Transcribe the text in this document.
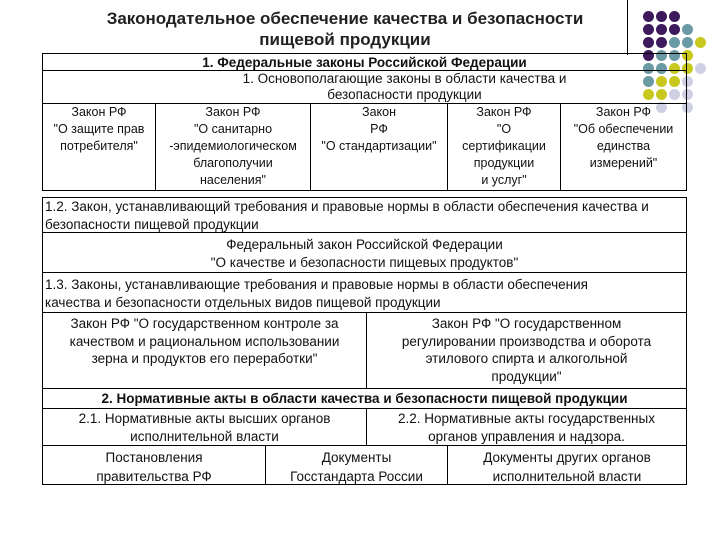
Законодательное обеспечение качества и безопасности
пищевой продукции
1. Федеральные законы Российской Федерации
1. Основополагающие законы в области качества и
безопасности продукции
Закон РФ
"О защите прав
потребителя"
Закон РФ
"О санитарно
-эпидемиологическом
благополучии
населения"
Закон
РФ
"О стандартизации"
Закон РФ
"О
сертификации
продукции
и услуг"
Закон РФ
"Об обеспечении
единства
измерений"
1.2. Закон, устанавливающий требования и правовые нормы в области обеспечения качества и безопасности пищевой продукции
Федеральный закон Российской Федерации
"О качестве и безопасности пищевых продуктов"
1.3. Законы, устанавливающие требования и правовые нормы в области обеспечения качества и безопасности отдельных видов пищевой продукции
Закон РФ "О государственном контроле за
качеством и рациональном использовании
зерна и продуктов его переработки"
Закон РФ "О государственном
регулировании производства и оборота
этилового спирта и алкогольной
продукции"
2. Нормативные акты в области качества и безопасности пищевой продукции
2.1. Нормативные акты высших органов
исполнительной власти
2.2. Нормативные акты государственных
органов управления и надзора.
Постановления
правительства РФ
Документы
Госстандарта России
Документы других органов
исполнительной власти
